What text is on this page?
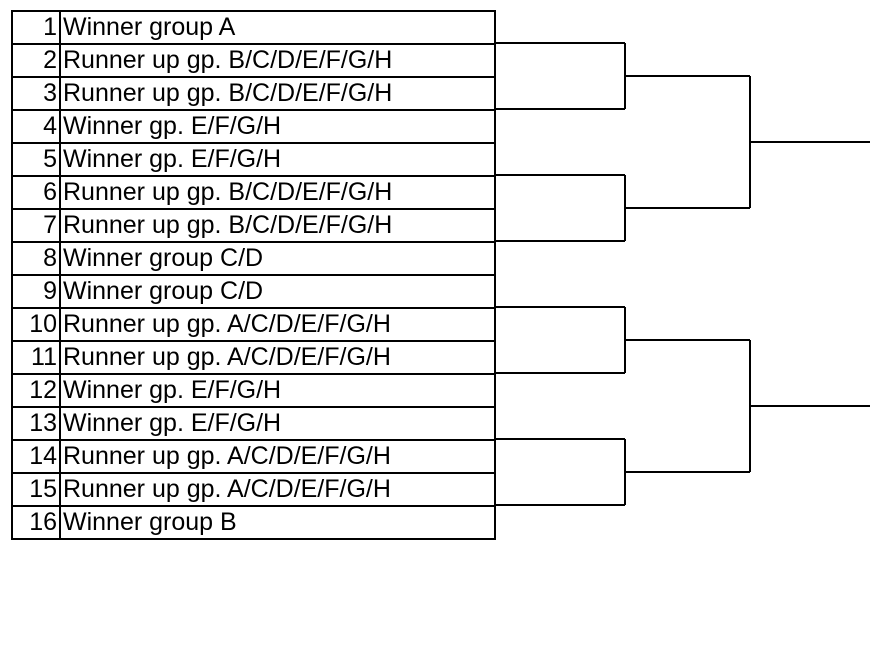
1	Winner group A
2	Runner up gp. B/C/D/E/F/G/H
3	Runner up gp. B/C/D/E/F/G/H
4	Winner gp. E/F/G/H
5	Winner gp. E/F/G/H
6	Runner up gp. B/C/D/E/F/G/H
7	Runner up gp. B/C/D/E/F/G/H
8	Winner group C/D
9	Winner group C/D
10	Runner up gp. A/C/D/E/F/G/H
11	Runner up gp. A/C/D/E/F/G/H
12	Winner gp. E/F/G/H
13	Winner gp. E/F/G/H
14	Runner up gp. A/C/D/E/F/G/H
15	Runner up gp. A/C/D/E/F/G/H
16	Winner group B
